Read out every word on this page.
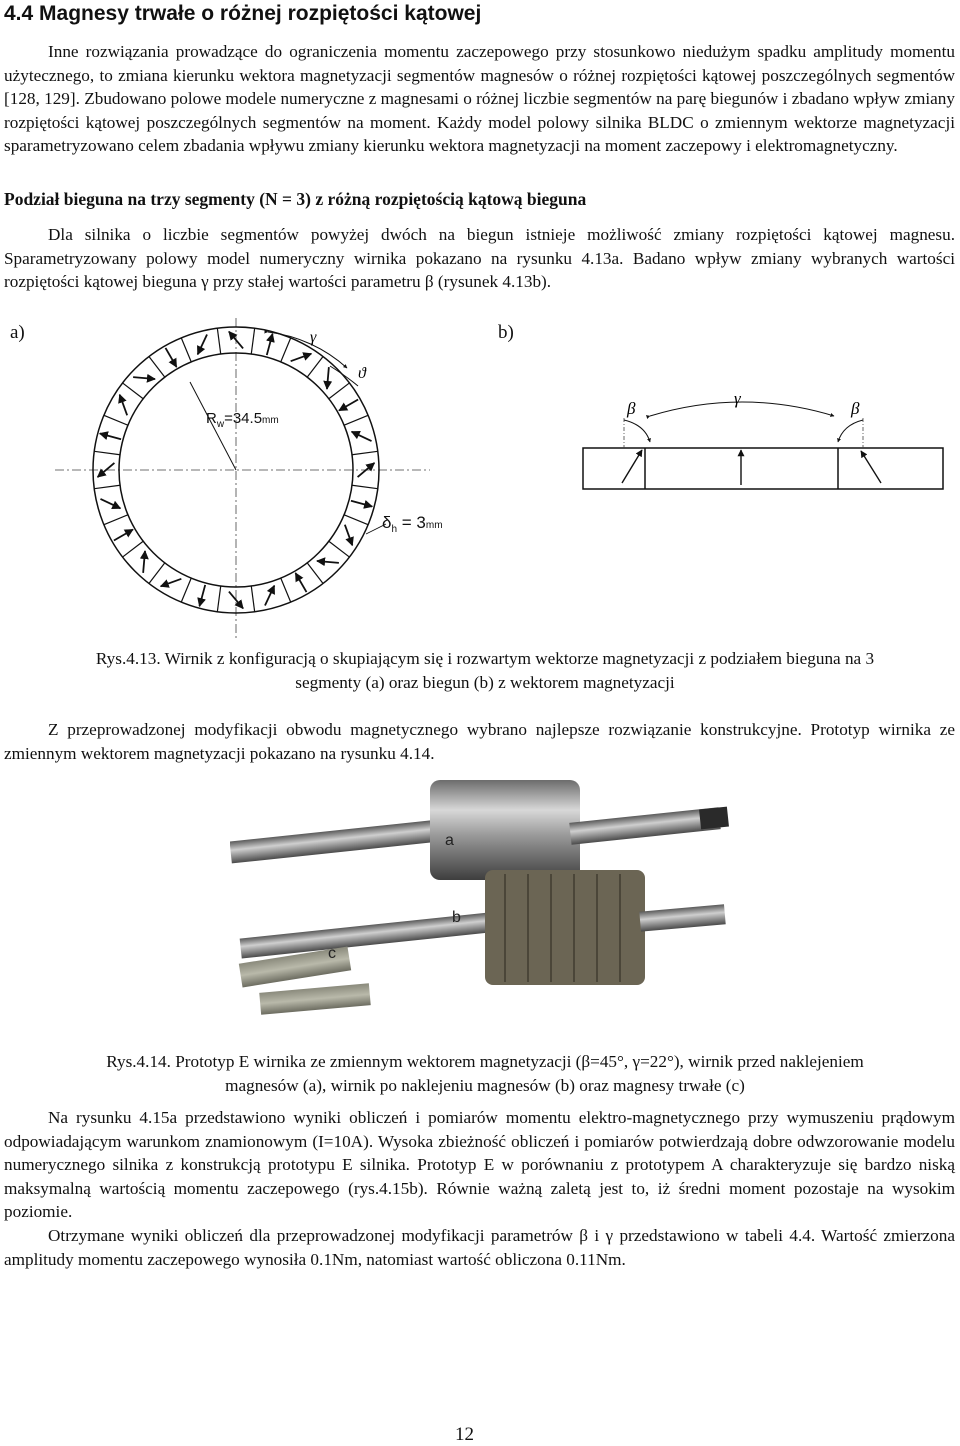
4.4 Magnesy trwałe o różnej rozpiętości kątowej

Inne rozwiązania prowadzące do ograniczenia momentu zaczepowego przy stosunkowo niedużym spadku amplitudy momentu użytecznego, to zmiana kierunku wektora magnetyzacji segmentów magnesów o różnej rozpiętości kątowej poszczególnych segmentów [128, 129]. Zbudowano polowe modele numeryczne z magnesami o różnej liczbie segmentów na parę biegunów i zbadano wpływ zmiany rozpiętości kątowej poszczególnych segmentów na moment. Każdy model polowy silnika BLDC o zmiennym wektorze magnetyzacji sparametryzowano celem zbadania wpływu zmiany kierunku wektora magnetyzacji na moment zaczepowy i elektromagnetyczny.

Podział bieguna na trzy segmenty (N = 3) z różną rozpiętością kątową bieguna

Dla silnika o liczbie segmentów powyżej dwóch na biegun istnieje możliwość zmiany rozpiętości kątowej magnesu. Sparametryzowany polowy model numeryczny wirnika pokazano na rysunku 4.13a. Badano wpływ zmiany wybranych wartości rozpiętości kątowej bieguna γ przy stałej wartości parametru β (rysunek 4.13b).

a)	b)
$R_w=34.5mm$
γ
ϑ
$\delta_h = 3mm$
β
γ
β

Rys.4.13. Wirnik z konfiguracją o skupiającym się i rozwartym wektorze magnetyzacji z podziałem bieguna na 3
segmenty (a) oraz biegun (b) z wektorem magnetyzacji

Z przeprowadzonej modyfikacji obwodu magnetycznego wybrano najlepsze rozwiązanie konstrukcyjne. Prototyp wirnika ze zmiennym wektorem magnetyzacji pokazano na rysunku 4.14.

a
b
c

Rys.4.14. Prototyp E wirnika ze zmiennym wektorem magnetyzacji (β=45°, γ=22°), wirnik przed naklejeniem
magnesów (a), wirnik po naklejeniu magnesów (b) oraz magnesy trwałe (c)

Na rysunku 4.15a przedstawiono wyniki obliczeń i pomiarów momentu elektro-magnetycznego przy wymuszeniu prądowym odpowiadającym warunkom znamionowym (I=10A). Wysoka zbieżność obliczeń i pomiarów potwierdzają dobre odwzorowanie modelu numerycznego silnika z konstrukcją prototypu E silnika. Prototyp E w porównaniu z prototypem A charakteryzuje się bardzo niską maksymalną wartością momentu zaczepowego (rys.4.15b). Równie ważną zaletą jest to, iż średni moment pozostaje na wysokim poziomie.

Otrzymane wyniki obliczeń dla przeprowadzonej modyfikacji parametrów β i γ przedstawiono w tabeli 4.4. Wartość zmierzona amplitudy momentu zaczepowego wynosiła 0.1Nm, natomiast wartość obliczona 0.11Nm.

12
